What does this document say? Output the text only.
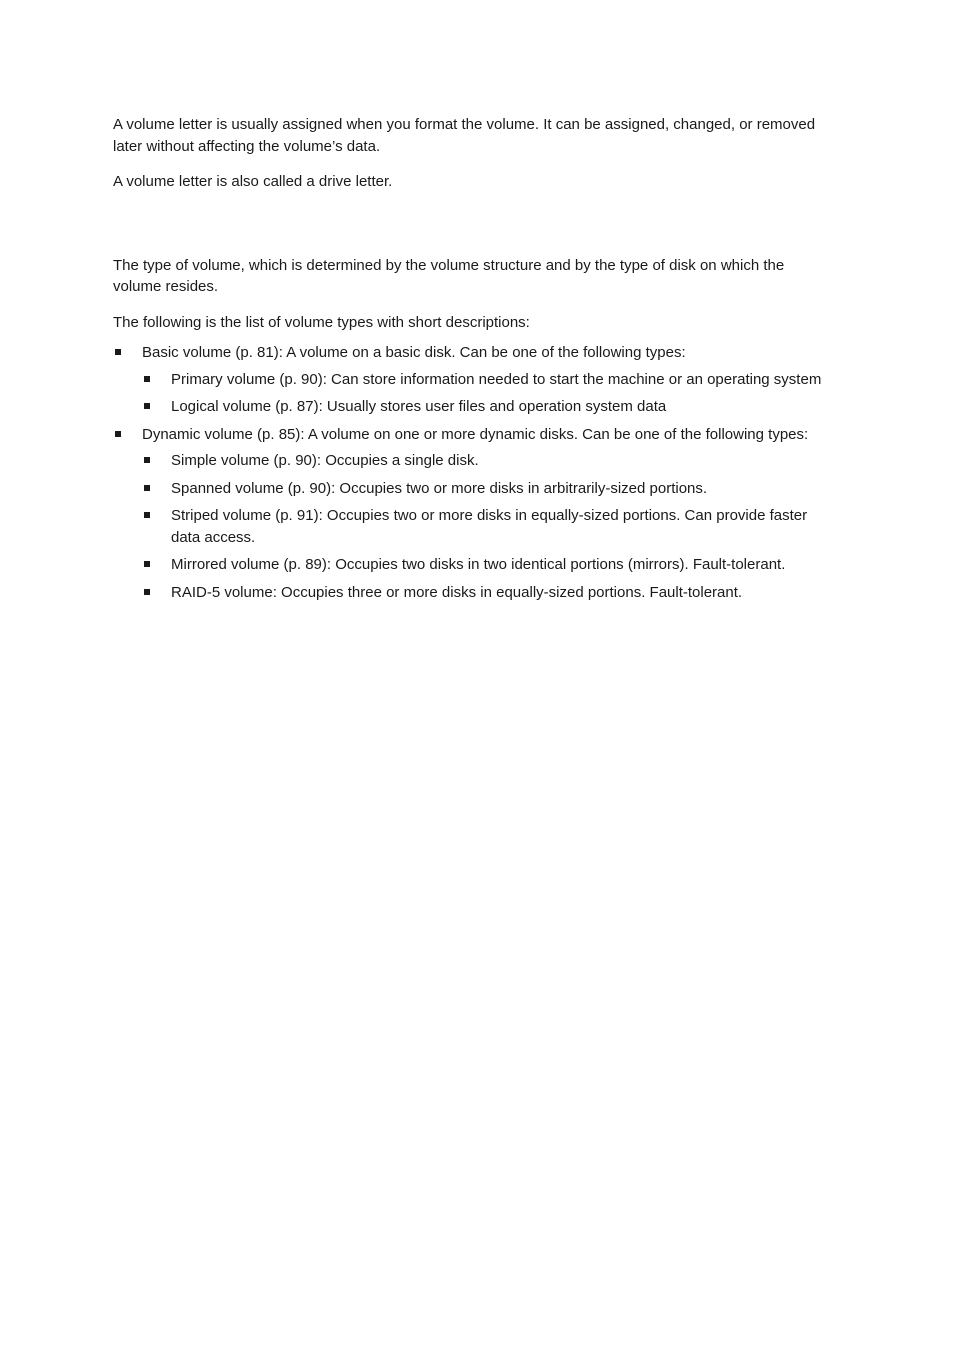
A volume letter is usually assigned when you format the volume. It can be assigned, changed, or removed later without affecting the volume’s data.

A volume letter is also called a drive letter.

The type of volume, which is determined by the volume structure and by the type of disk on which the volume resides.

The following is the list of volume types with short descriptions:

Basic volume (p. 81): A volume on a basic disk. Can be one of the following types:
Primary volume (p. 90): Can store information needed to start the machine or an operating system
Logical volume (p. 87): Usually stores user files and operation system data
Dynamic volume (p. 85): A volume on one or more dynamic disks. Can be one of the following types:
Simple volume (p. 90): Occupies a single disk.
Spanned volume (p. 90): Occupies two or more disks in arbitrarily-sized portions.
Striped volume (p. 91): Occupies two or more disks in equally-sized portions. Can provide faster data access.
Mirrored volume (p. 89): Occupies two disks in two identical portions (mirrors). Fault-tolerant.
RAID-5 volume: Occupies three or more disks in equally-sized portions. Fault-tolerant.
